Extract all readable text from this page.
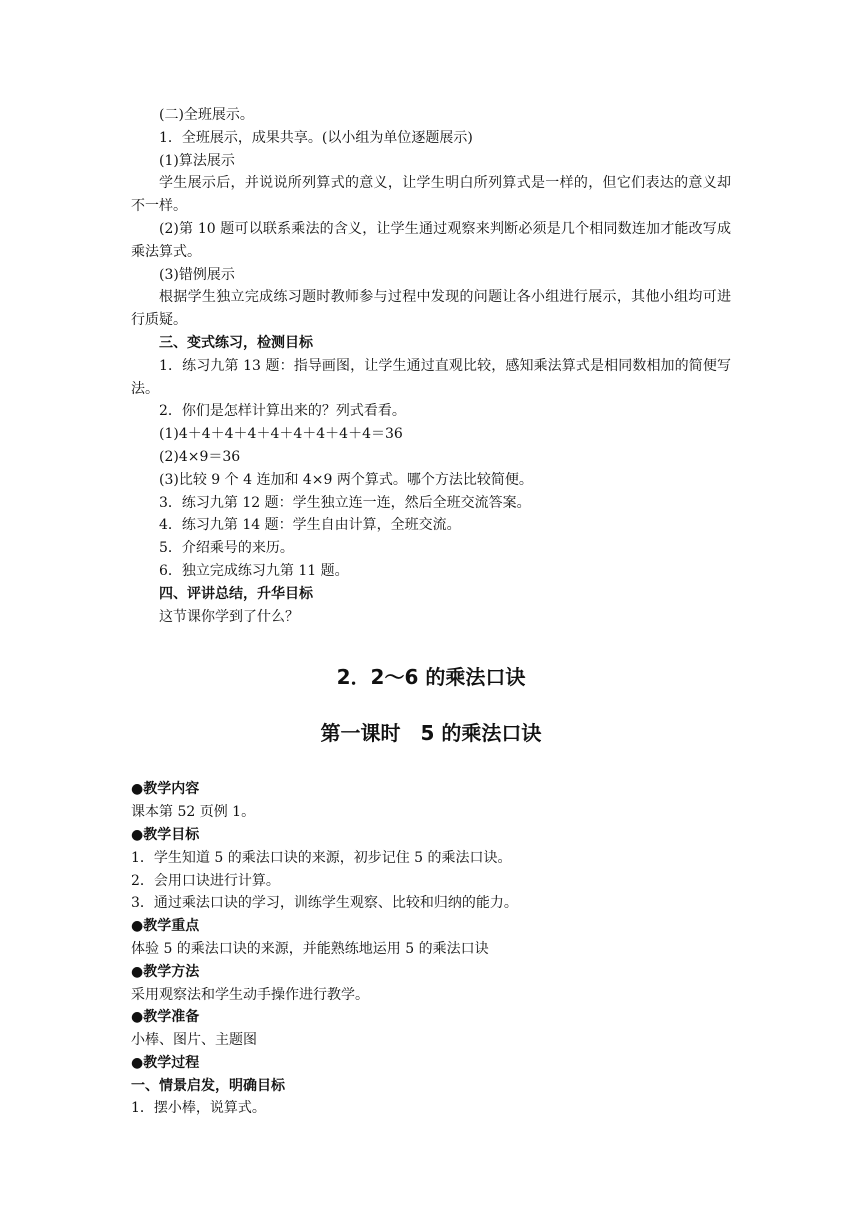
(二)全班展示。

1．全班展示，成果共享。(以小组为单位逐题展示)

(1)算法展示

学生展示后，并说说所列算式的意义，让学生明白所列算式是一样的，但它们表达的意义却不一样。

(2)第 10 题可以联系乘法的含义，让学生通过观察来判断必须是几个相同数连加才能改写成乘法算式。

(3)错例展示

根据学生独立完成练习题时教师参与过程中发现的问题让各小组进行展示，其他小组均可进行质疑。

三、变式练习，检测目标

1．练习九第 13 题：指导画图，让学生通过直观比较，感知乘法算式是相同数相加的简便写法。

2．你们是怎样计算出来的？列式看看。

(1)4＋4＋4＋4＋4＋4＋4＋4＋4＝36

(2)4×9＝36

(3)比较 9 个 4 连加和 4×9 两个算式。哪个方法比较简便。

3．练习九第 12 题：学生独立连一连，然后全班交流答案。

4．练习九第 14 题：学生自由计算，全班交流。

5．介绍乘号的来历。

6．独立完成练习九第 11 题。

四、评讲总结，升华目标

这节课你学到了什么？

2．2～6 的乘法口诀
第一课时　5 的乘法口诀

●教学内容

课本第 52 页例 1。

●教学目标

1．学生知道 5 的乘法口诀的来源，初步记住 5 的乘法口诀。

2．会用口诀进行计算。

3．通过乘法口诀的学习，训练学生观察、比较和归纳的能力。

●教学重点

体验 5 的乘法口诀的来源，并能熟练地运用 5 的乘法口诀

●教学方法

采用观察法和学生动手操作进行教学。

●教学准备

小棒、图片、主题图

●教学过程

一、情景启发，明确目标

1．摆小棒，说算式。
